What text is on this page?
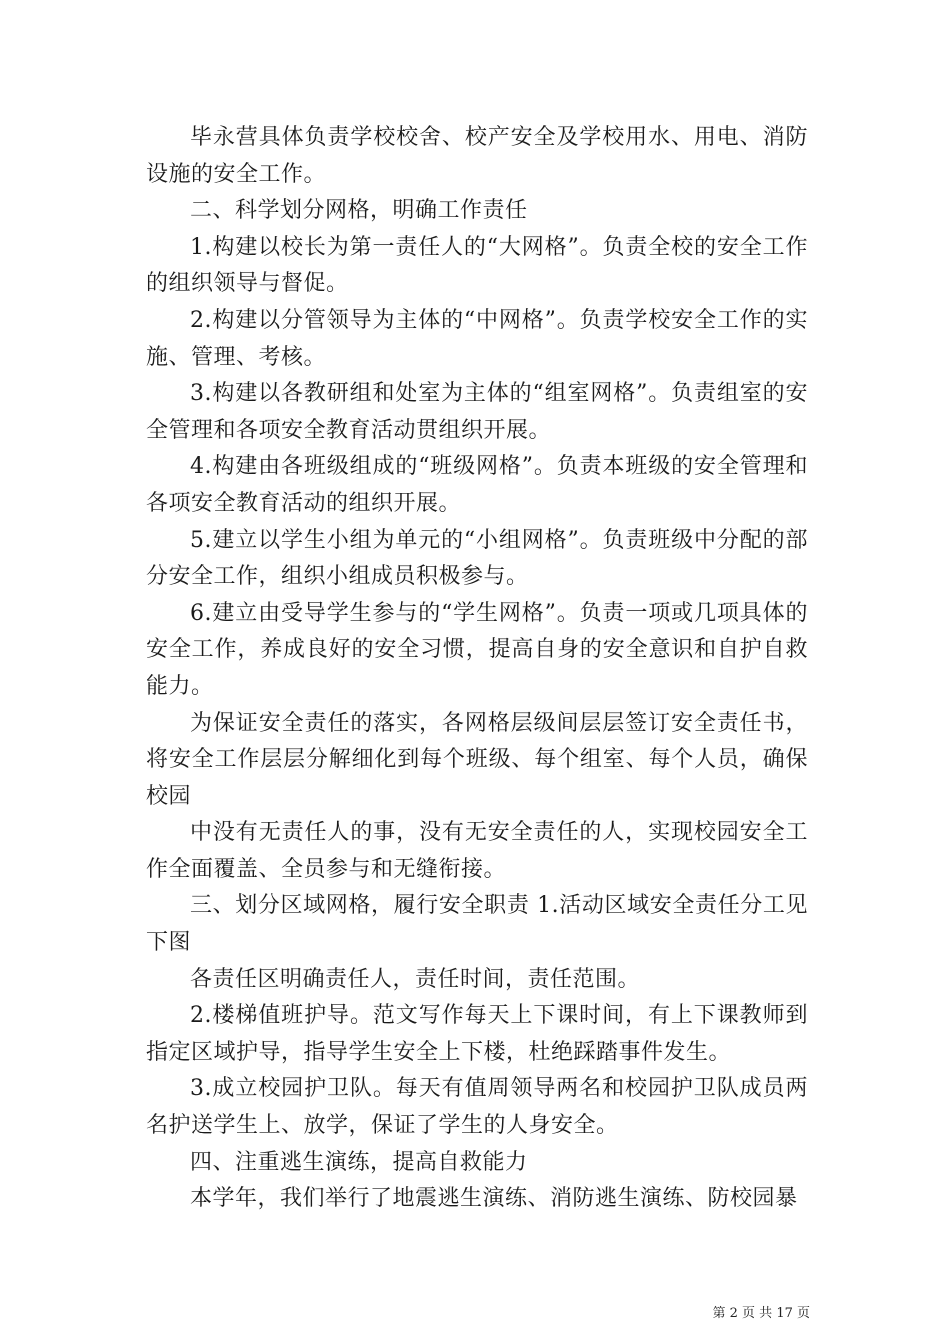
毕永营具体负责学校校舍、校产安全及学校用水、用电、消防设施的安全工作。

二、科学划分网格，明确工作责任

1.构建以校长为第一责任人的“大网格”。负责全校的安全工作的组织领导与督促。

2.构建以分管领导为主体的“中网格”。负责学校安全工作的实施、管理、考核。

3.构建以各教研组和处室为主体的“组室网格”。负责组室的安全管理和各项安全教育活动贯组织开展。

4.构建由各班级组成的“班级网格”。负责本班级的安全管理和各项安全教育活动的组织开展。

5.建立以学生小组为单元的“小组网格”。负责班级中分配的部分安全工作，组织小组成员积极参与。

6.建立由受导学生参与的“学生网格”。负责一项或几项具体的安全工作，养成良好的安全习惯，提高自身的安全意识和自护自救能力。

为保证安全责任的落实，各网格层级间层层签订安全责任书，将安全工作层层分解细化到每个班级、每个组室、每个人员，确保校园

中没有无责任人的事，没有无安全责任的人，实现校园安全工作全面覆盖、全员参与和无缝衔接。

三、划分区域网格，履行安全职责 1.活动区域安全责任分工见下图

各责任区明确责任人，责任时间，责任范围。

2.楼梯值班护导。范文写作每天上下课时间，有上下课教师到指定区域护导，指导学生安全上下楼，杜绝踩踏事件发生。

3.成立校园护卫队。每天有值周领导两名和校园护卫队成员两名护送学生上、放学，保证了学生的人身安全。

四、注重逃生演练，提高自救能力

本学年，我们举行了地震逃生演练、消防逃生演练、防校园暴

第 2 页 共 17 页
